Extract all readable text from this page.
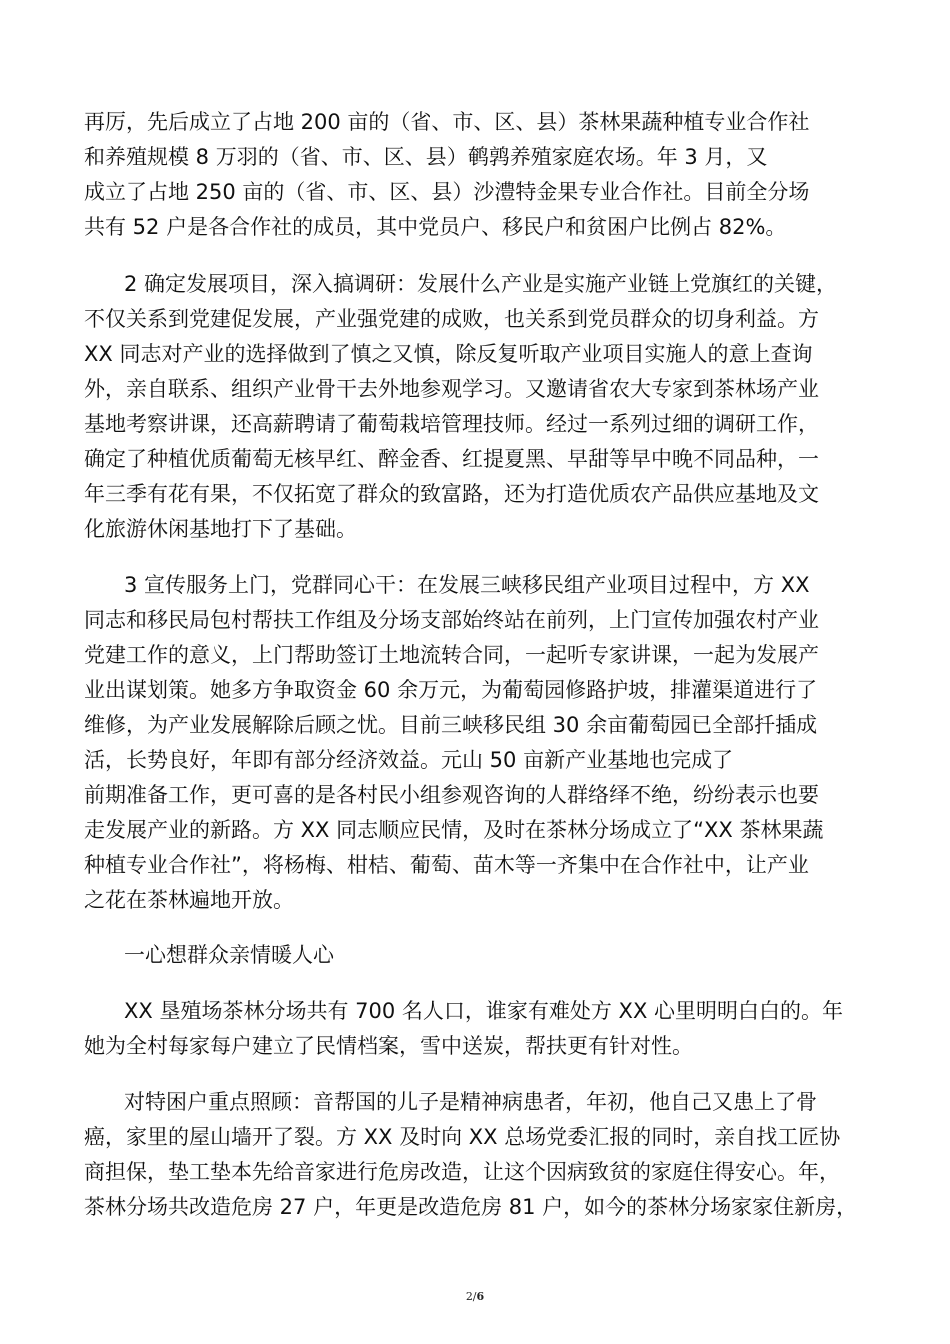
再厉，先后成立了占地 200 亩的（省、市、区、县）茶林果蔬种植专业合作社
和养殖规模 8 万羽的（省、市、区、县）鹌鹑养殖家庭农场。年 3 月，又
成立了占地 250 亩的（省、市、区、县）沙澧特金果专业合作社。目前全分场
共有 52 户是各合作社的成员，其中党员户、移民户和贫困户比例占 82%。
2 确定发展项目，深入搞调研：发展什么产业是实施产业链上党旗红的关键，
不仅关系到党建促发展，产业强党建的成败，也关系到党员群众的切身利益。方
XX 同志对产业的选择做到了慎之又慎，除反复听取产业项目实施人的意上查询
外，亲自联系、组织产业骨干去外地参观学习。又邀请省农大专家到茶林场产业
基地考察讲课，还高薪聘请了葡萄栽培管理技师。经过一系列过细的调研工作，
确定了种植优质葡萄无核早红、醉金香、红提夏黑、早甜等早中晚不同品种，一
年三季有花有果，不仅拓宽了群众的致富路，还为打造优质农产品供应基地及文
化旅游休闲基地打下了基础。
3 宣传服务上门，党群同心干：在发展三峡移民组产业项目过程中，方 XX
同志和移民局包村帮扶工作组及分场支部始终站在前列，上门宣传加强农村产业
党建工作的意义，上门帮助签订土地流转合同，一起听专家讲课，一起为发展产
业出谋划策。她多方争取资金 60 余万元，为葡萄园修路护坡，排灌渠道进行了
维修，为产业发展解除后顾之忧。目前三峡移民组 30 余亩葡萄园已全部扦插成
活，长势良好，年即有部分经济效益。元山 50 亩新产业基地也完成了
前期准备工作，更可喜的是各村民小组参观咨询的人群络绎不绝，纷纷表示也要
走发展产业的新路。方 XX 同志顺应民情，及时在茶林分场成立了“XX 茶林果蔬
种植专业合作社”，将杨梅、柑桔、葡萄、苗木等一齐集中在合作社中，让产业
之花在茶林遍地开放。
一心想群众亲情暖人心
XX 垦殖场茶林分场共有 700 名人口，谁家有难处方 XX 心里明明白白的。年
她为全村每家每户建立了民情档案，雪中送炭，帮扶更有针对性。
对特困户重点照顾：音帮国的儿子是精神病患者，年初，他自己又患上了骨
癌，家里的屋山墙开了裂。方 XX 及时向 XX 总场党委汇报的同时，亲自找工匠协
商担保，垫工垫本先给音家进行危房改造，让这个因病致贫的家庭住得安心。年，
茶林分场共改造危房 27 户，年更是改造危房 81 户，如今的茶林分场家家住新房，
2/6
